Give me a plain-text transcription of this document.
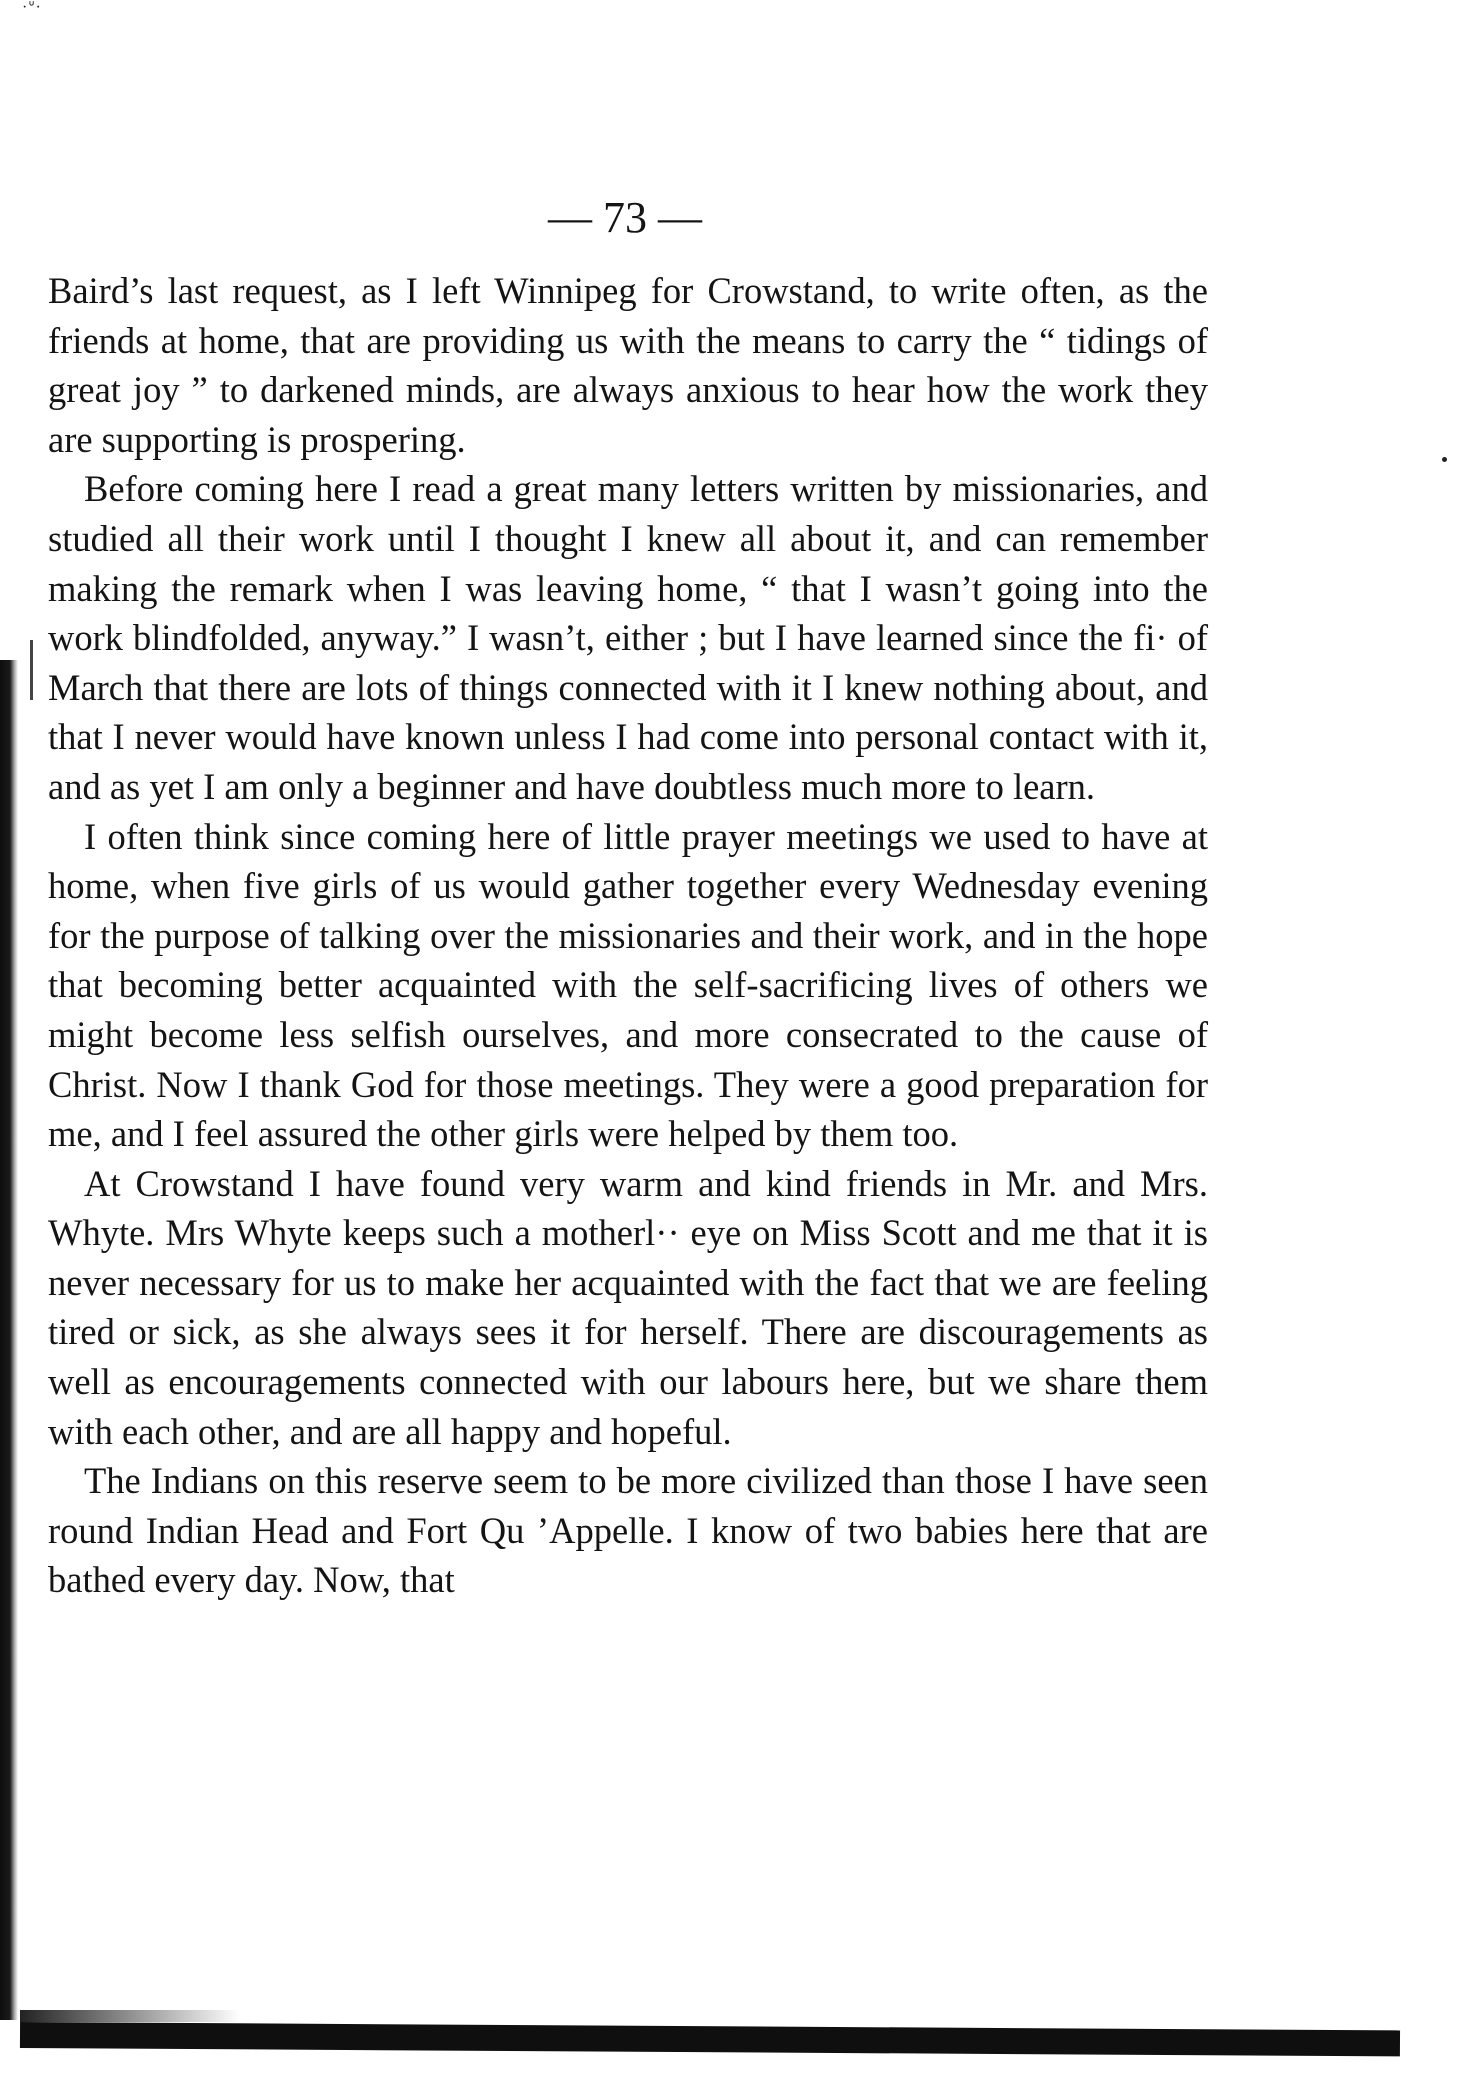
·ᐡ·
— 73 —

Baird’s last request, as I left Winnipeg for Crowstand, to write often, as the friends at home, that are providing us with the means to carry the “ tidings of great joy ” to darkened minds, are always anxious to hear how the work they are supporting is prospering.

Before coming here I read a great many letters written by missionaries, and studied all their work until I thought I knew all about it, and can remember making the remark when I was leaving home, “ that I wasn’t going into the work blindfolded, anyway.” I wasn’t, either ; but I have learned since the fi· of March that there are lots of things connected with it I knew nothing about, and that I never would have known unless I had come into personal contact with it, and as yet I am only a beginner and have doubtless much more to learn.

I often think since coming here of little prayer meetings we used to have at home, when five girls of us would gather together every Wednesday evening for the purpose of talking over the missionaries and their work, and in the hope that becoming better acquainted with the self-sacrificing lives of others we might become less selfish ourselves, and more consecrated to the cause of Christ. Now I thank God for those meetings. They were a good preparation for me, and I feel assured the other girls were helped by them too.

At Crowstand I have found very warm and kind friends in Mr. and Mrs. Whyte. Mrs Whyte keeps such a motherl·· eye on Miss Scott and me that it is never necessary for us to make her acquainted with the fact that we are feeling tired or sick, as she always sees it for herself. There are discouragements as well as encouragements connected with our labours here, but we share them with each other, and are all happy and hopeful.

The Indians on this reserve seem to be more civilized than those I have seen round Indian Head and Fort Qu ’Appelle. I know of two babies here that are bathed every day. Now, that
